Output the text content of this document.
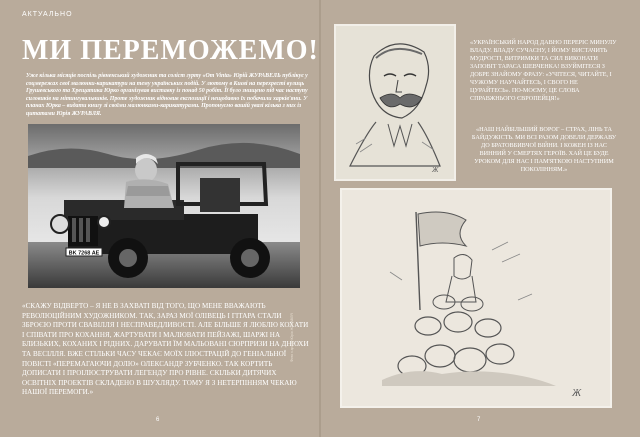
АКТУАЛЬНО
МИ ПЕРЕМОЖЕМО!
Уже кілька місяців поспіль рівненський художник та соліст гурту «От Vinta» Юрій ЖУРАВЕЛЬ публікує у соцмережах свої малюнки-карикатури на тему українських подій. У лютому в Києві на перехресті вулиць Грушевського та Хрещатика Юрко організував виставку із понад 50 робіт. Її було знищено під час наступу силовиків на мітингувальників. Проте художник відновив експозиції і нещодавно їх побачили харків'яни. У планах Юрка – видати книгу зі своїми малюнками-карикатурами. Пропонуємо вашій увазі кілька з них із цитатами Юрія ЖУРАВЛЯ.
BK 7268 AE
«СКАЖУ ВІДВЕРТО – Я НЕ В ЗАХВАТІ ВІД ТОГО, ЩО МЕНЕ ВВАЖАЮТЬ РЕВОЛЮЦІЙНИМ ХУДОЖНИКОМ. ТАК, ЗАРАЗ МОЇ ОЛІВЕЦЬ І ГІТАРА СТАЛИ ЗБРОЄЮ ПРОТИ СВАВІЛЛЯ І НЕСПРАВЕДЛИВОСТІ. АЛЕ БІЛЬШЕ Я ЛЮБЛЮ КОХАТИ І СПІВАТИ ПРО КОХАННЯ, ЖАРТУВАТИ І МАЛЮВАТИ ПЕЙЗАЖІ, ШАРЖІ НА БЛИЗЬКИХ, КОХАНИХ І РІДНИХ. ДАРУВАТИ ЇМ МАЛЬОВАНІ СЮРПРИЗИ НА ДНЮХИ ТА ВЕСІЛЛЯ. ВЖЕ СТІЛЬКИ ЧАСУ ЧЕКАЄ МОЇХ ІЛЮСТРАЦІЙ ДО ГЕНІАЛЬНОЇ ПОВІСТІ «ПЕРЕМАГАЮЧИ ДОЛЮ» ОЛЕКСАНДР ЗУБЧЕНКО. ТАК КОРТИТЬ ДОПИСАТИ І ПРОІЛЮСТРУВАТИ ЛЕГЕНДУ ПРО РІВНЕ. СКІЛЬКИ ДИТЯЧИХ ОСВІТНІХ ПРОЕКТІВ СКЛАДЕНО В ШУХЛЯДУ. ТОМУ Я З НЕТЕРПІННЯМ ЧЕКАЮ НАШОЇ ПЕРЕМОГИ.»
6
Фото з архіву Юрія ЖУРАВЛЯ
Ж
«УКРАЇНСЬКИЙ НАРОД ДАВНО ПЕРЕРІС МИНУЛУ ВЛАДУ. ВЛАДУ СУЧАСНУ, І ЙОМУ ВИСТАЧИТЬ МУДРОСТІ, ВИТРИМКИ ТА СИЛ ВИКОНАТИ ЗАПОВІТ ТАРАСА ШЕВЧЕНКА! ВЗУЙМІТЕСЯ З ДОБРЕ ЗНАЙОМУ ФРАЗУ: «УЧІТЕСЯ, ЧИТАЙТЕ, І ЧУЖОМУ НАУЧАЙТЕСЬ, І СВОГО НЕ ЦУРАЙТЕСЬ». ПО-МОЄМУ, ЦЕ СЛОВА СПРАВЖНЬОГО ЄВРОПЕЙЦЯ!»
«НАШ НАЙБІЛЬШИЙ ВОРОГ – СТРАХ, ЛІНЬ ТА БАЙДУЖІСТЬ. МИ ВСІ РАЗОМ ДОВЕЛИ ДЕРЖАВУ ДО БРАТОВБИВЧОЇ ВІЙНИ. І КОЖЕН ІЗ НАС ВИННИЙ У СМЕРТЯХ ГЕРОЇВ. ХАЙ ЦЕ БУДЕ УРОКОМ ДЛЯ НАС І ПАМ'ЯТКОЮ НАСТУПНИМ ПОКОЛІННЯМ.»
Ж
7
